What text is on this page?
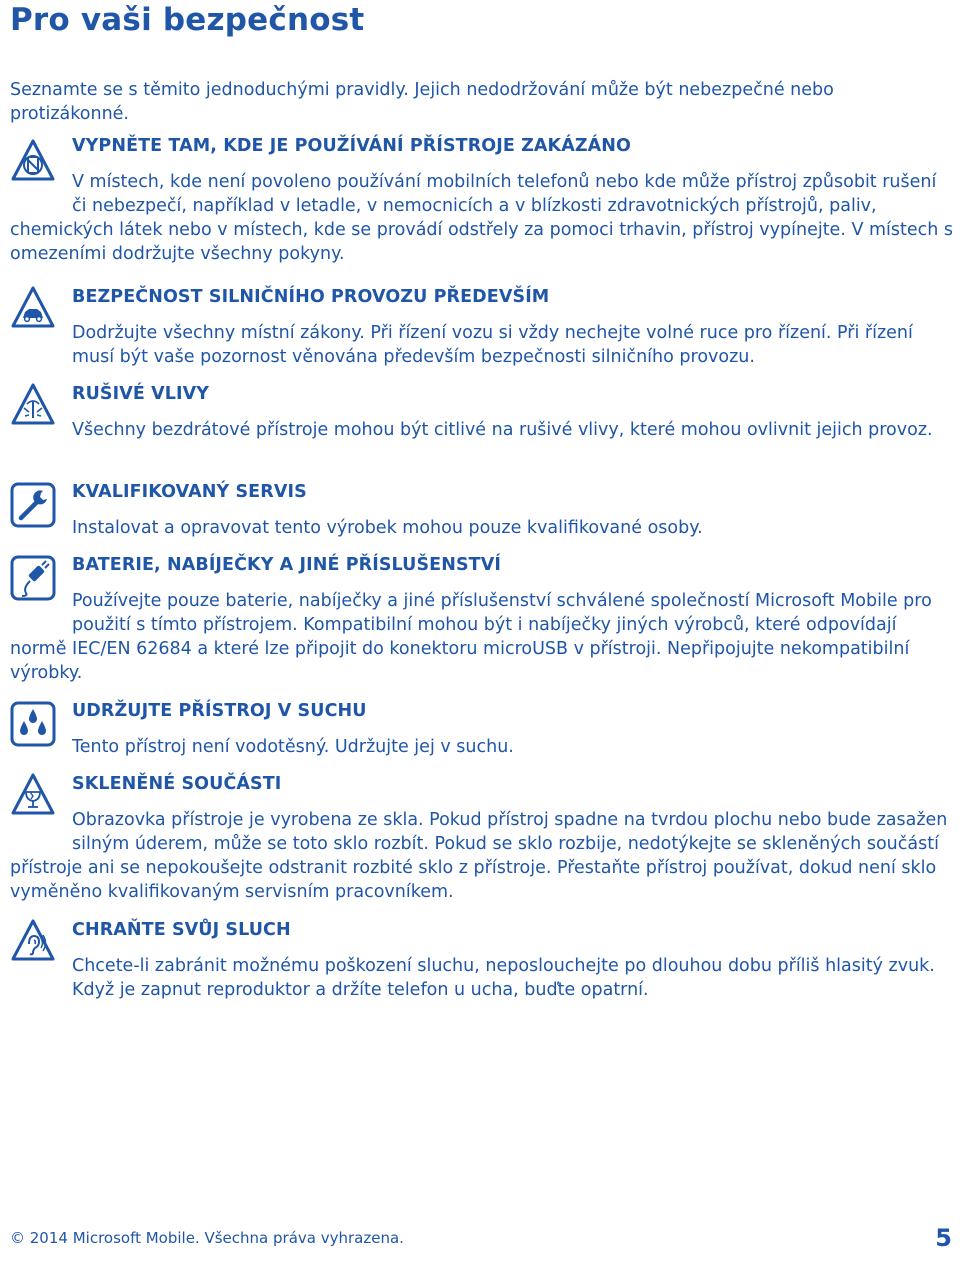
Pro vaši bezpečnost

Seznamte se s těmito jednoduchými pravidly. Jejich nedodržování může být nebezpečné nebo protizákonné.

VYPNĚTE TAM, KDE JE POUŽÍVÁNÍ PŘÍSTROJE ZAKÁZÁNO

V místech, kde není povoleno používání mobilních telefonů nebo kde může přístroj způsobit rušení či nebezpečí, například v letadle, v nemocnicích a v blízkosti zdravotnických přístrojů, paliv, chemických látek nebo v místech, kde se provádí odstřely za pomoci trhavin, přístroj vypínejte. V místech s omezeními dodržujte všechny pokyny.

BEZPEČNOST SILNIČNÍHO PROVOZU PŘEDEVŠÍM

Dodržujte všechny místní zákony. Při řízení vozu si vždy nechejte volné ruce pro řízení. Při řízení musí být vaše pozornost věnována především bezpečnosti silničního provozu.

RUŠIVÉ VLIVY

Všechny bezdrátové přístroje mohou být citlivé na rušivé vlivy, které mohou ovlivnit jejich provoz.

KVALIFIKOVANÝ SERVIS

Instalovat a opravovat tento výrobek mohou pouze kvalifikované osoby.

BATERIE, NABÍJEČKY A JINÉ PŘÍSLUŠENSTVÍ

Používejte pouze baterie, nabíječky a jiné příslušenství schválené společností Microsoft Mobile pro použití s tímto přístrojem. Kompatibilní mohou být i nabíječky jiných výrobců, které odpovídají normě IEC/EN 62684 a které lze připojit do konektoru microUSB v přístroji. Nepřipojujte nekompatibilní výrobky.

UDRŽUJTE PŘÍSTROJ V SUCHU

Tento přístroj není vodotěsný. Udržujte jej v suchu.

SKLENĚNÉ SOUČÁSTI

Obrazovka přístroje je vyrobena ze skla. Pokud přístroj spadne na tvrdou plochu nebo bude zasažen silným úderem, může se toto sklo rozbít. Pokud se sklo rozbije, nedotýkejte se skleněných součástí přístroje ani se nepokoušejte odstranit rozbité sklo z přístroje. Přestaňte přístroj používat, dokud není sklo vyměněno kvalifikovaným servisním pracovníkem.

CHRAŇTE SVŮJ SLUCH

Chcete-li zabránit možnému poškození sluchu, neposlouchejte po dlouhou dobu příliš hlasitý zvuk. Když je zapnut reproduktor a držíte telefon u ucha, buďte opatrní.

© 2014 Microsoft Mobile. Všechna práva vyhrazena.	5
